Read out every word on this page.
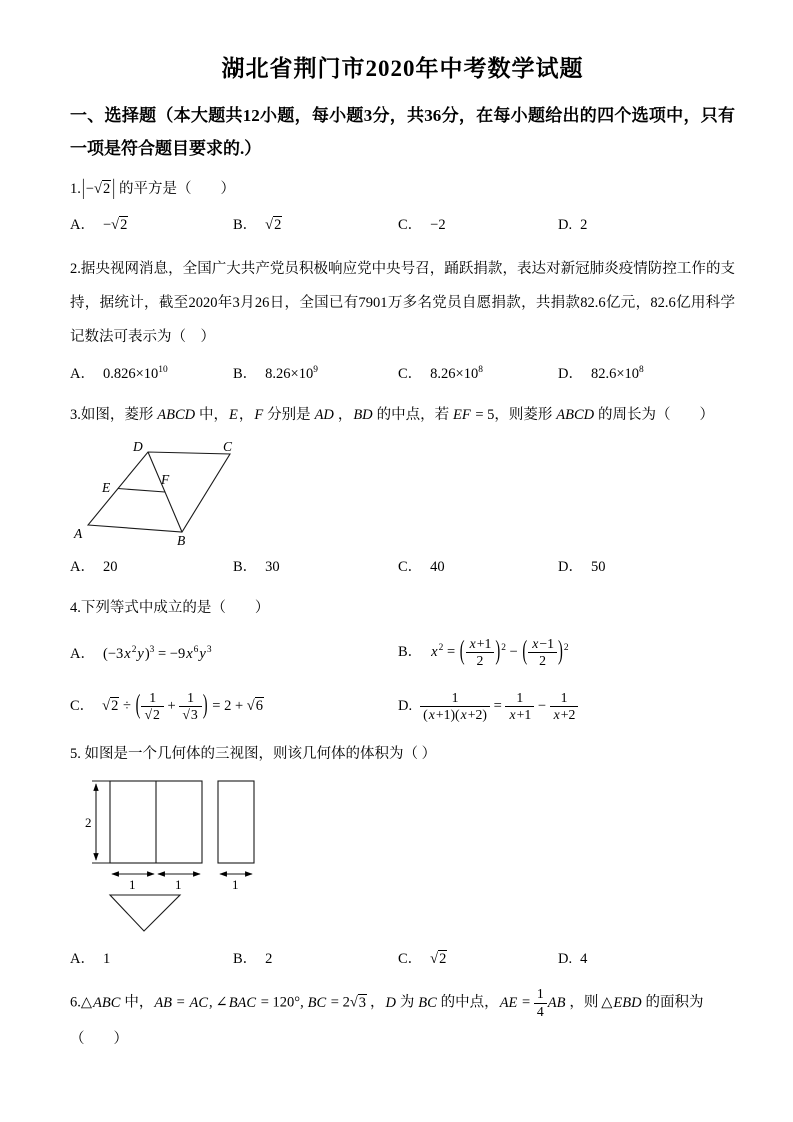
湖北省荆门市2020年中考数学试题
一、选择题（本大题共12小题，每小题3分，共36分，在每小题给出的四个选项中，只有一项是符合题目要求的.）
1.|−√2 | 的平方是（　　）
A． −√2	B． √2	C． −2	D. 2
2.据央视网消息，全国广大共产党员积极响应党中央号召，踊跃捐款，表达对新冠肺炎疫情防控工作的支持，据统计，截至2020年3月26日，全国已有7901万多名党员自愿捐款，共捐款82.6亿元，82.6亿用科学记数法可表示为（　）
A． $0.826\times 10^{10}$	B． $8.26\times 10^9$	C． $8.26\times 10^8$	D． $82.6\times 10^8$
3.如图，菱形 ABCD 中，E，F 分别是 AD ，BD 的中点，若 EF = 5，则菱形 ABCD 的周长为（　　）
A	B
C
D
E
F
A． 20	B． 30	C． 40	D． 50
4.下列等式中成立的是（　　）
A． $(-3x^2y)^3 = -9x^6y^3$	B． $x^2$ = ( $\frac{x+1}{2} )^2$ − ( $\frac{x-1}{2} )^2$
C． √2 ÷ ( $\frac{1}{√2} + \frac{1}{√3}$ ) = 2 + √6	D. $\frac{1}{(x+1)(x+2)} = \frac{1}{x+1} - \frac{1}{x+2}$
5. 如图是一个几何体的三视图，则该几何体的体积为（ ）
2
1	1	1
A． 1	B． 2	C． √2	D. 4
6.△ABC 中，AB = AC, ∠BAC = 120°, BC = 2√3 ，D 为 BC 的中点，AE = $\frac{1}{4}$ AB ，则 △EBD 的面积为
（　　）
